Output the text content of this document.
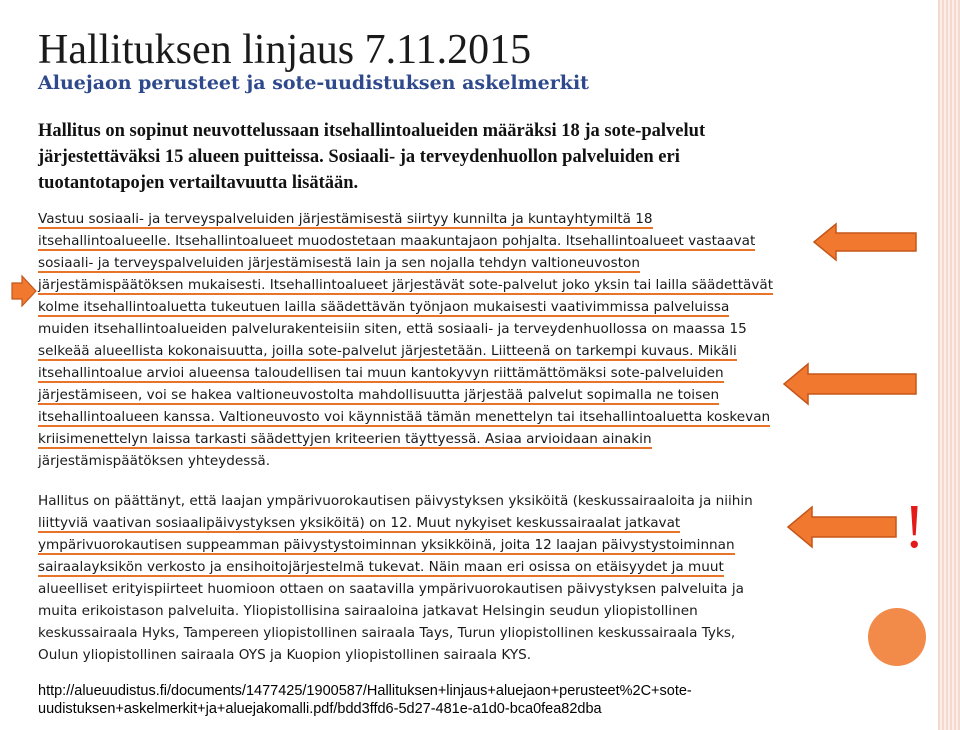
Hallituksen linjaus 7.11.2015
Aluejaon perusteet ja sote-uudistuksen askelmerkit
Hallitus on sopinut neuvottelussaan itsehallintoalueiden määräksi 18 ja sote-palvelut
järjestettäväksi 15 alueen puitteissa. Sosiaali- ja terveydenhuollon palveluiden eri
tuotantotapojen vertailtavuutta lisätään.
Vastuu sosiaali- ja terveyspalveluiden järjestämisestä siirtyy kunnilta ja kuntayhtymiltä 18
itsehallintoalueelle. Itsehallintoalueet muodostetaan maakuntajaon pohjalta. Itsehallintoalueet vastaavat
sosiaali- ja terveyspalveluiden järjestämisestä lain ja sen nojalla tehdyn valtioneuvoston
järjestämispäätöksen mukaisesti. Itsehallintoalueet järjestävät sote-palvelut joko yksin tai lailla säädettävät
kolme itsehallintoaluetta tukeutuen lailla säädettävän työnjaon mukaisesti vaativimmissa palveluissa
muiden itsehallintoalueiden palvelurakenteisiin siten, että sosiaali- ja terveydenhuollossa on maassa 15
selkeää alueellista kokonaisuutta, joilla sote-palvelut järjestetään. Liitteenä on tarkempi kuvaus. Mikäli
itsehallintoalue arvioi alueensa taloudellisen tai muun kantokyvyn riittämättömäksi sote-palveluiden
järjestämiseen, voi se hakea valtioneuvostolta mahdollisuutta järjestää palvelut sopimalla ne toisen
itsehallintoalueen kanssa. Valtioneuvosto voi käynnistää tämän menettelyn tai itsehallintoaluetta koskevan
kriisimenettelyn laissa tarkasti säädettyjen kriteerien täyttyessä. Asiaa arvioidaan ainakin
järjestämispäätöksen yhteydessä.
Hallitus on päättänyt, että laajan ympärivuorokautisen päivystyksen yksiköitä (keskussairaaloita ja niihin
liittyviä vaativan sosiaalipäivystyksen yksiköitä) on 12. Muut nykyiset keskussairaalat jatkavat
ympärivuorokautisen suppeamman päivystystoiminnan yksikköinä, joita 12 laajan päivystystoiminnan
sairaalayksikön verkosto ja ensihoitojärjestelmä tukevat. Näin maan eri osissa on etäisyydet ja muut
alueelliset erityispiirteet huomioon ottaen on saatavilla ympärivuorokautisen päivystyksen palveluita ja
muita erikoistason palveluita. Yliopistollisina sairaaloina jatkavat Helsingin seudun yliopistollinen
keskussairaala Hyks, Tampereen yliopistollinen sairaala Tays, Turun yliopistollinen keskussairaala Tyks,
Oulun yliopistollinen sairaala OYS ja Kuopion yliopistollinen sairaala KYS.
!
http://alueuudistus.fi/documents/1477425/1900587/Hallituksen+linjaus+aluejaon+perusteet%2C+sote-
uudistuksen+askelmerkit+ja+aluejakomalli.pdf/bdd3ffd6-5d27-481e-a1d0-bca0fea82dba
